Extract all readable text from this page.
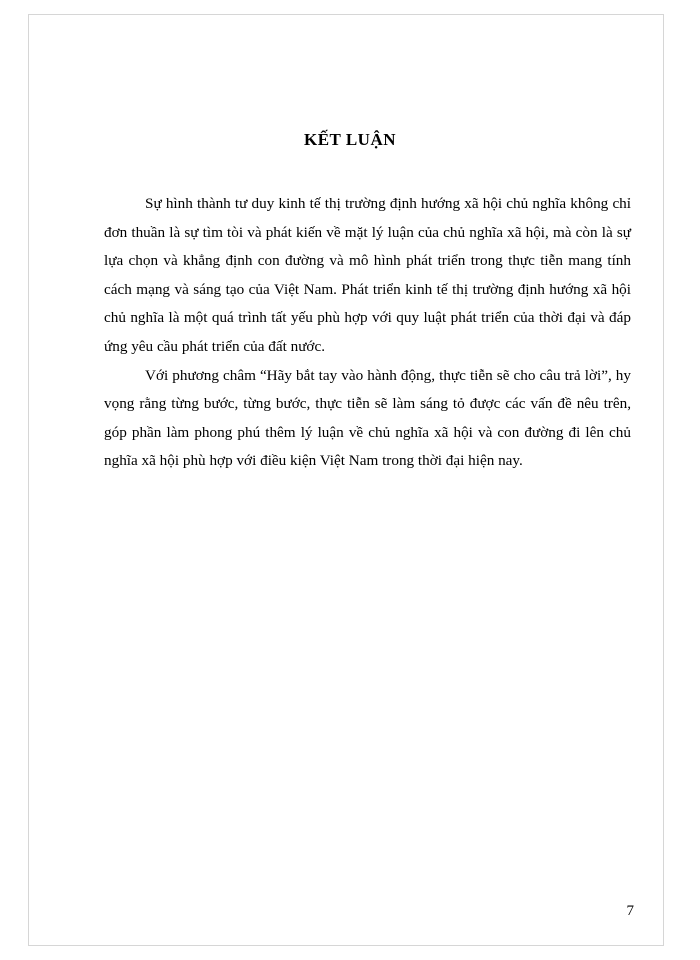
KẾT LUẬN

Sự hình thành tư duy kinh tế thị trường định hướng xã hội chủ nghĩa không chỉ đơn thuần là sự tìm tòi và phát kiến về mặt lý luận của chủ nghĩa xã hội, mà còn là sự lựa chọn và khẳng định con đường và mô hình phát triển trong thực tiễn mang tính cách mạng và sáng tạo của Việt Nam. Phát triển kinh tế thị trường định hướng xã hội chủ nghĩa là một quá trình tất yếu phù hợp với quy luật phát triển của thời đại và đáp ứng yêu cầu phát triển của đất nước.

Với phương châm “Hãy bắt tay vào hành động, thực tiễn sẽ cho câu trả lời”, hy vọng rằng từng bước, từng bước, thực tiễn sẽ làm sáng tỏ được các vấn đề nêu trên, góp phần làm phong phú thêm lý luận về chủ nghĩa xã hội và con đường đi lên chủ nghĩa xã hội phù hợp với điều kiện Việt Nam trong thời đại hiện nay.

7
